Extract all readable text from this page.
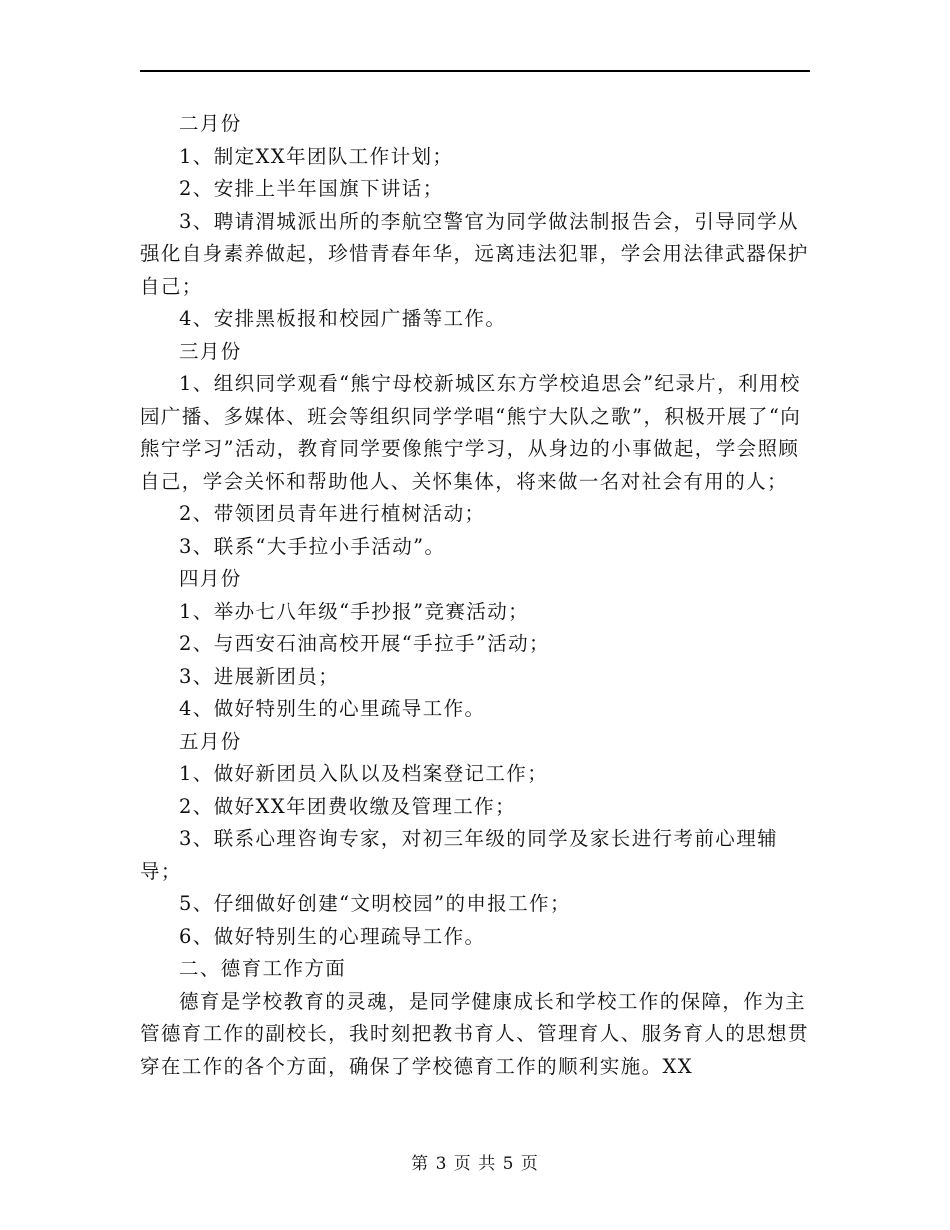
二月份

1、制定XX年团队工作计划；

2、安排上半年国旗下讲话；

3、聘请渭城派出所的李航空警官为同学做法制报告会，引导同学从强化自身素养做起，珍惜青春年华，远离违法犯罪，学会用法律武器保护自己；

4、安排黑板报和校园广播等工作。

三月份

1、组织同学观看“熊宁母校新城区东方学校追思会”纪录片，利用校园广播、多媒体、班会等组织同学学唱“熊宁大队之歌”，积极开展了“向熊宁学习”活动，教育同学要像熊宁学习，从身边的小事做起，学会照顾自己，学会关怀和帮助他人、关怀集体，将来做一名对社会有用的人；

2、带领团员青年进行植树活动；

3、联系“大手拉小手活动”。

四月份

1、举办七八年级“手抄报”竞赛活动；

2、与西安石油高校开展“手拉手”活动；

3、进展新团员；

4、做好特别生的心里疏导工作。

五月份

1、做好新团员入队以及档案登记工作；

2、做好XX年团费收缴及管理工作；

3、联系心理咨询专家，对初三年级的同学及家长进行考前心理辅导；

5、仔细做好创建“文明校园”的申报工作；

6、做好特别生的心理疏导工作。

二、德育工作方面

德育是学校教育的灵魂，是同学健康成长和学校工作的保障，作为主管德育工作的副校长，我时刻把教书育人、管理育人、服务育人的思想贯穿在工作的各个方面，确保了学校德育工作的顺利实施。XX

第 3 页 共 5 页
